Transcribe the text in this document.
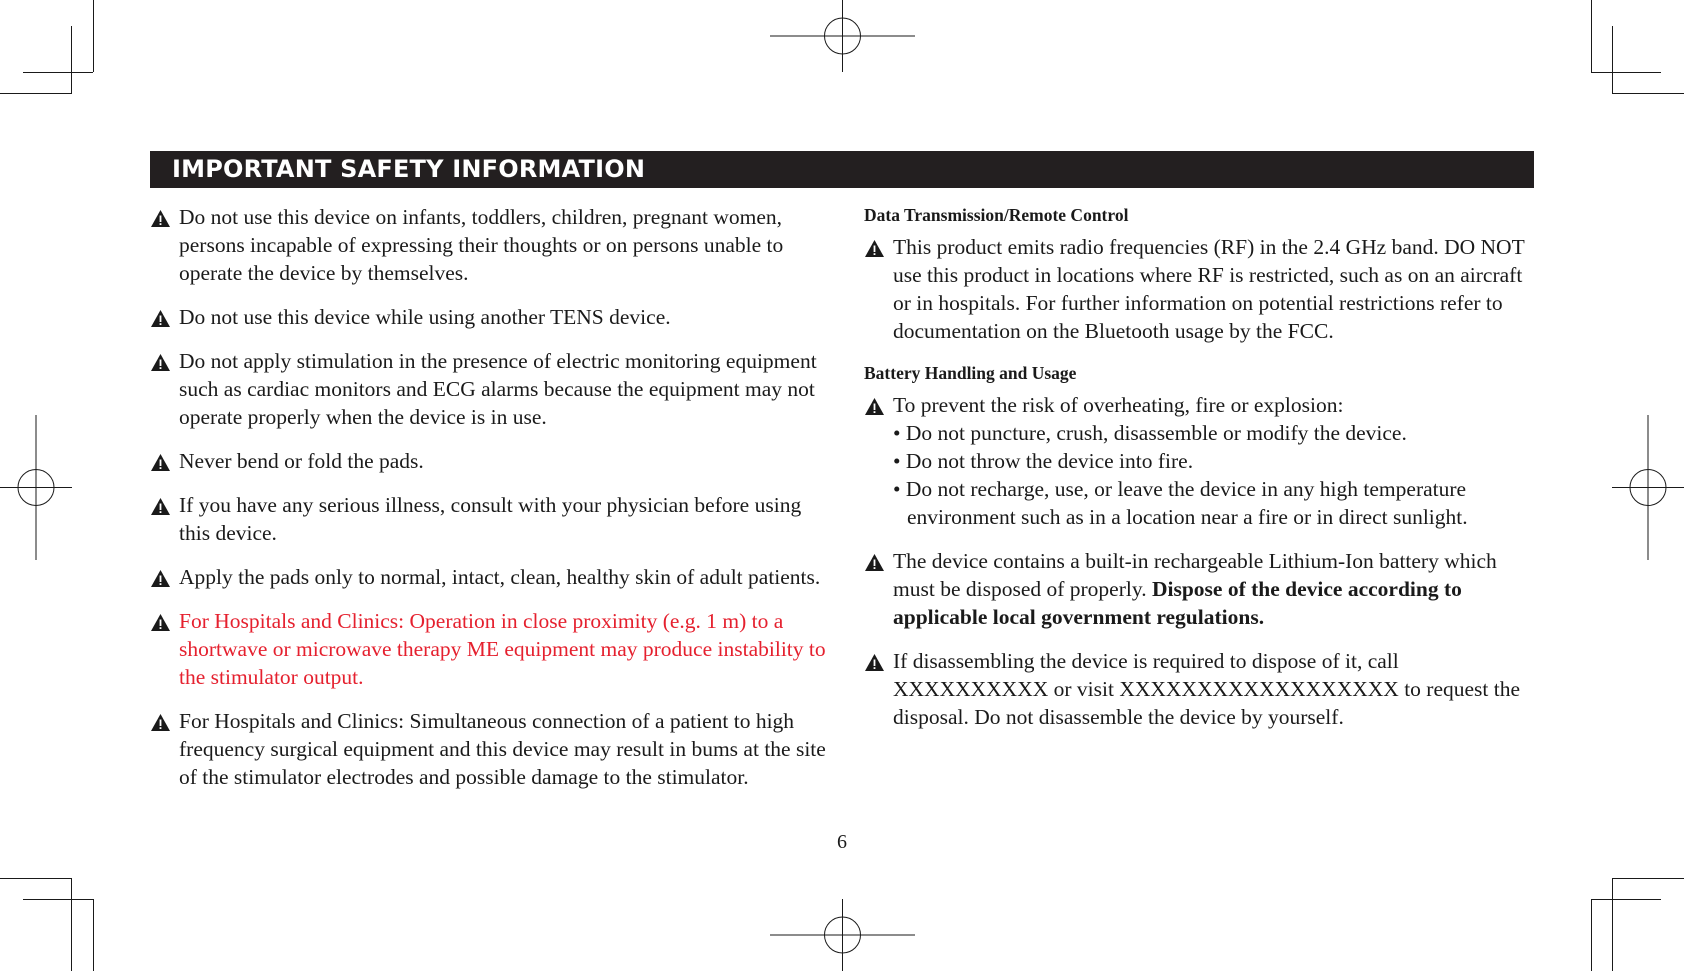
IMPORTANT SAFETY INFORMATION
Do not use this device on infants, toddlers, children, pregnant women, persons incapable of expressing their thoughts or on persons unable to operate the device by themselves.
Do not use this device while using another TENS device.
Do not apply stimulation in the presence of electric monitoring equipment such as cardiac monitors and ECG alarms because the equipment may not operate properly when the device is in use.
Never bend or fold the pads.
If you have any serious illness, consult with your physician before using this device.
Apply the pads only to normal, intact, clean, healthy skin of adult patients.
For Hospitals and Clinics: Operation in close proximity (e.g. 1 m) to a shortwave or microwave therapy ME equipment may produce instability to the stimulator output.
For Hospitals and Clinics: Simultaneous connection of a patient to high frequency surgical equipment and this device may result in bums at the site of the stimulator electrodes and possible damage to the stimulator.
Data Transmission/Remote Control
This product emits radio frequencies (RF) in the 2.4 GHz band. DO NOT use this product in locations where RF is restricted, such as on an aircraft or in hospitals. For further information on potential restrictions refer to documentation on the Bluetooth usage by the FCC.
Battery Handling and Usage
To prevent the risk of overheating, fire or explosion:
• Do not puncture, crush, disassemble or modify the device.
• Do not throw the device into fire.
• Do not recharge, use, or leave the device in any high temperature environment such as in a location near a fire or in direct sunlight.
The device contains a built-in rechargeable Lithium-Ion battery which must be disposed of properly. Dispose of the device according to applicable local government regulations.
If disassembling the device is required to dispose of it, call XXXXXXXXXX or visit XXXXXXXXXXXXXXXXXX to request the disposal. Do not disassemble the device by yourself.
6
